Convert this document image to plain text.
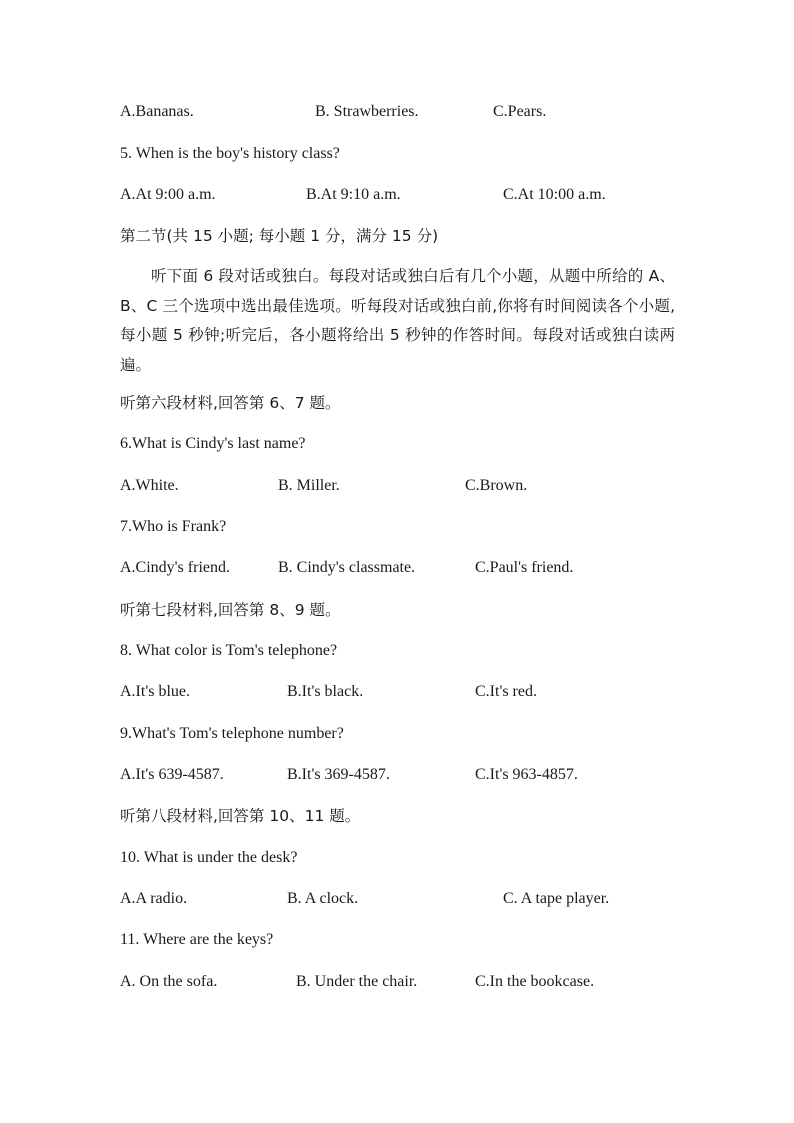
A.Bananas.	B. Strawberries.	C.Pears.
5. When is the boy's history class?
A.At 9:00 a.m.	B.At 9:10 a.m.	C.At 10:00 a.m.
第二节(共 15 小题; 每小题 1 分，满分 15 分)
听下面 6 段对话或独白。每段对话或独白后有几个小题，从题中所给的 A、B、C 三个选项中选出最佳选项。听每段对话或独白前,你将有时间阅读各个小题,每小题 5 秒钟;听完后，各小题将给出 5 秒钟的作答时间。每段对话或独白读两遍。
听第六段材料,回答第 6、7 题。
6.What is Cindy's last name?
A.White.	B. Miller.	C.Brown.
7.Who is Frank?
A.Cindy's friend.	B. Cindy's classmate.	C.Paul's friend.
听第七段材料,回答第 8、9 题。
8. What color is Tom's telephone?
A.It's blue.	B.It's black.	C.It's red.
9.What's Tom's telephone number?
A.It's 639-4587.	B.It's 369-4587.	C.It's 963-4857.
听第八段材料,回答第 10、11 题。
10. What is under the desk?
A.A radio.	B. A clock.	C. A tape player.
11. Where are the keys?
A. On the sofa.	B. Under the chair.	C.In the bookcase.
